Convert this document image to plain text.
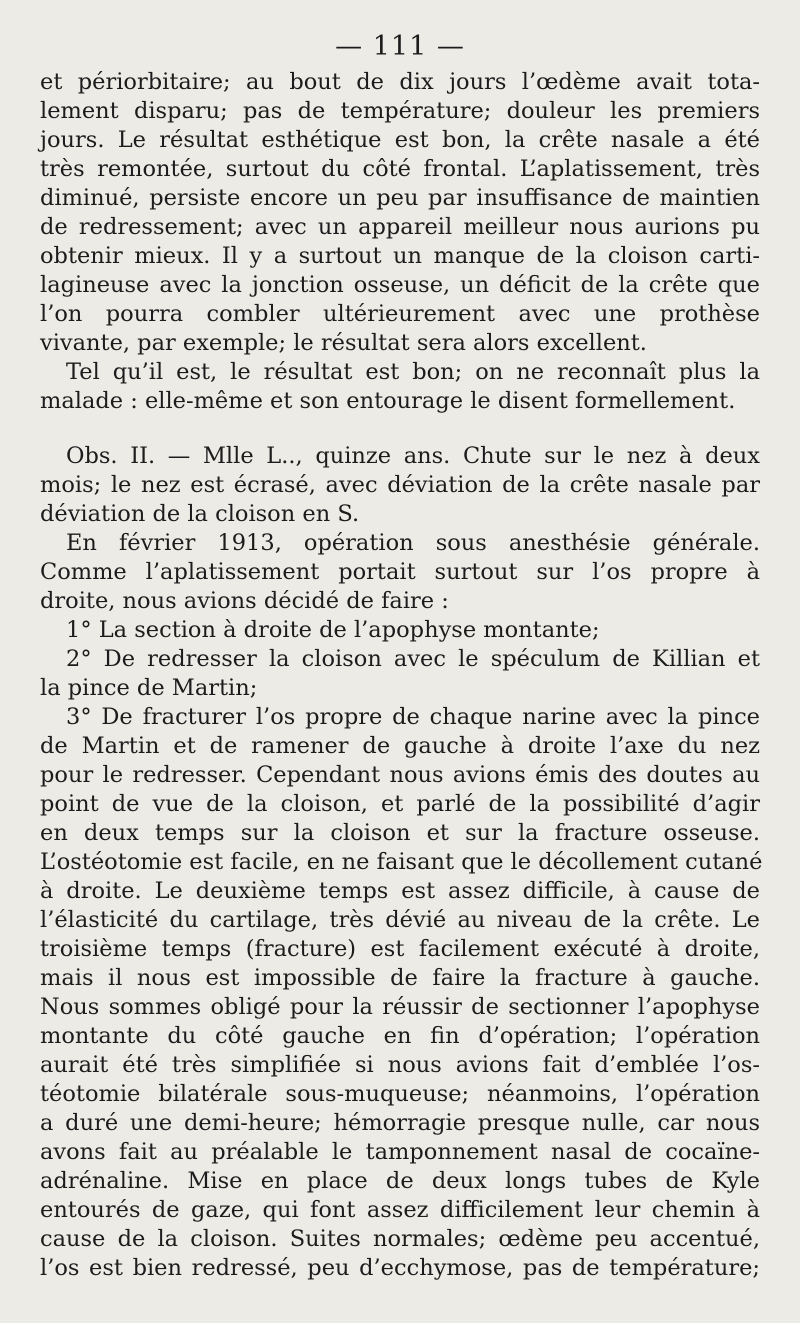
— 111 —
et périorbitaire; au bout de dix jours l’œdème avait tota-
lement disparu; pas de température; douleur les premiers
jours. Le résultat esthétique est bon, la crête nasale a été
très remontée, surtout du côté frontal. L’aplatissement, très
diminué, persiste encore un peu par insuffisance de maintien
de redressement; avec un appareil meilleur nous aurions pu
obtenir mieux. Il y a surtout un manque de la cloison carti-
lagineuse avec la jonction osseuse, un déficit de la crête que
l’on pourra combler ultérieurement avec une prothèse
vivante, par exemple; le résultat sera alors excellent.
Tel qu’il est, le résultat est bon; on ne reconnaît plus la
malade : elle-même et son entourage le disent formellement.
Obs. II. — Mlle L.., quinze ans. Chute sur le nez à deux
mois; le nez est écrasé, avec déviation de la crête nasale par
déviation de la cloison en S.
En février 1913, opération sous anesthésie générale.
Comme l’aplatissement portait surtout sur l’os propre à
droite, nous avions décidé de faire :
1° La section à droite de l’apophyse montante;
2° De redresser la cloison avec le spéculum de Killian et
la pince de Martin;
3° De fracturer l’os propre de chaque narine avec la pince
de Martin et de ramener de gauche à droite l’axe du nez
pour le redresser. Cependant nous avions émis des doutes au
point de vue de la cloison, et parlé de la possibilité d’agir
en deux temps sur la cloison et sur la fracture osseuse.
L’ostéotomie est facile, en ne faisant que le décollement cutané
à droite. Le deuxième temps est assez difficile, à cause de
l’élasticité du cartilage, très dévié au niveau de la crête. Le
troisième temps (fracture) est facilement exécuté à droite,
mais il nous est impossible de faire la fracture à gauche.
Nous sommes obligé pour la réussir de sectionner l’apophyse
montante du côté gauche en fin d’opération; l’opération
aurait été très simplifiée si nous avions fait d’emblée l’os-
téotomie bilatérale sous-muqueuse; néanmoins, l’opération
a duré une demi-heure; hémorragie presque nulle, car nous
avons fait au préalable le tamponnement nasal de cocaïne-
adrénaline. Mise en place de deux longs tubes de Kyle
entourés de gaze, qui font assez difficilement leur chemin à
cause de la cloison. Suites normales; œdème peu accentué,
l’os est bien redressé, peu d’ecchymose, pas de température;
